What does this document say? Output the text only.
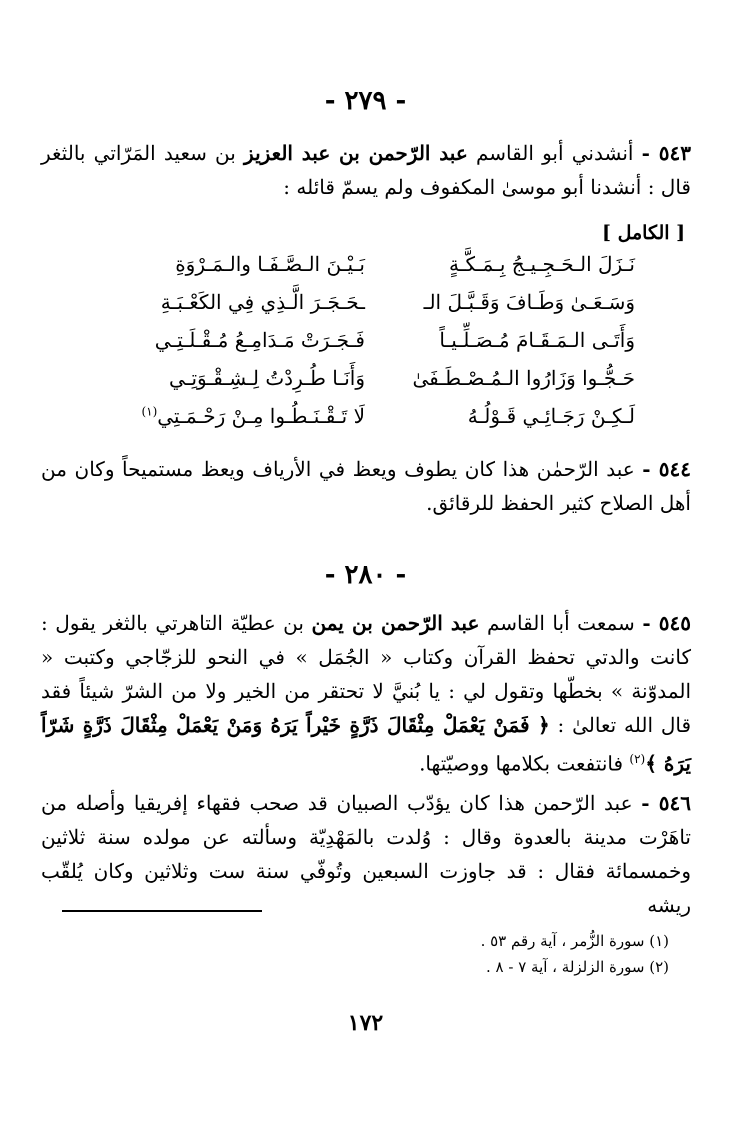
- ٢٧٩ -
٥٤٣ - أنشدني أبو القاسم عبد الرّحمن بن عبد العزيز بن سعيد المَرّاتي بالثغر قال : أنشدنا أبو موسىٰ المكفوف ولم يسمّ قائله :
[ الكامل ]
نَـزَلَ الـحَـجِـيـجُ بِـمَـكَّـةٍ
بَـيْـنَ الـصَّـفَـا والـمَـرْوَةِ
وَسَـعَـىٰ وَطَـافَ وَقَـبَّـلَ الـ
ـحَـجَـرَ الَّـذِي فِي الكَعْـبَـةِ
وَأَتَـى الـمَـقَـامَ مُـصَـلِّـيـاً
فَـجَـرَتْ مَـدَامِـعُ مُـقْـلَـتِـي
حَـجُّـوا وَزَارُوا الـمُـصْـطَـفَىٰ
وَأَنَـا طُـرِدْتُ لِـشِـقْـوَتِـي
لَـكِـنْ رَجَـائِـي قَـوْلُـهُ
لَا تَـقْـنَـطُـوا مِـنْ رَحْـمَـتِي$^{(١)}$
٥٤٤ - عبد الرّحمٰن هذا كان يطوف ويعظ في الأرياف ويعظ مستميحاً وكان من أهل الصلاح كثير الحفظ للرقائق.
- ٢٨٠ -
٥٤٥ - سمعت أبا القاسم عبد الرّحمن بن يمن بن عطيّة التاهرتي بالثغر يقول : كانت والدتي تحفظ القرآن وكتاب « الجُمَل » في النحو للزجّاجي وكتبت « المدوّنة » بخطّها وتقول لي : يا بُنيَّ لا تحتقر من الخير ولا من الشرّ شيئاً فقد قال الله تعالىٰ : ﴿ فَمَنْ يَعْمَلْ مِثْقَالَ ذَرَّةٍ خَيْراً يَرَهُ وَمَنْ يَعْمَلْ مِثْقَالَ ذَرَّةٍ شَرّاً يَرَهُ ﴾$^{(٢)}$ فانتفعت بكلامها ووصيّتها.
٥٤٦ - عبد الرّحمن هذا كان يؤدّب الصبيان قد صحب فقهاء إفريقيا وأصله من تاهَرْت مدينة بالعدوة وقال : وُلدت بالمَهْدِيّة وسألته عن مولده سنة ثلاثين وخمسمائة فقال : قد جاوزت السبعين وتُوفّي سنة ست وثلاثين وكان يُلقّب ريشه
(١) سورة الزُّمر ، آية رقم ٥٣ .
(٢) سورة الزلزلة ، آية ٧ - ٨ .
١٧٢
